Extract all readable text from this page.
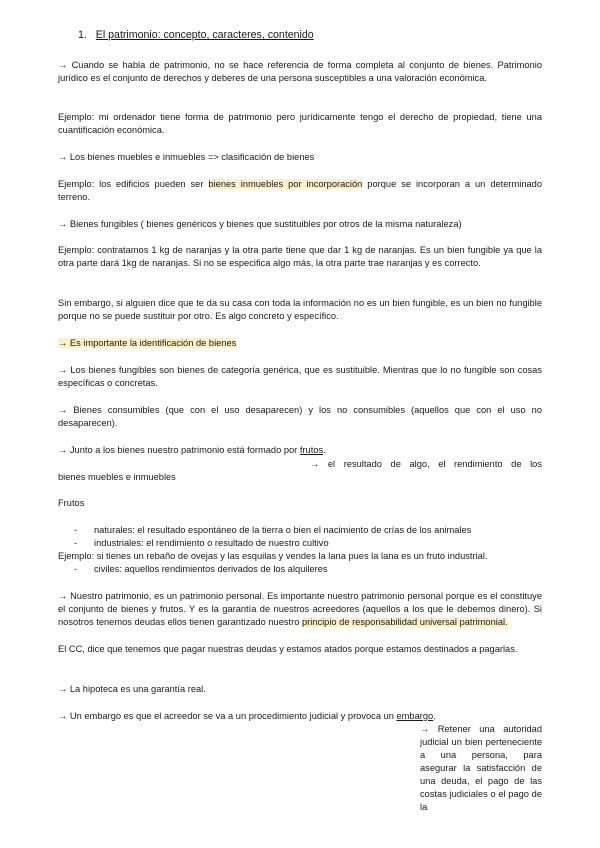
1. El patrimonio: concepto, caracteres, contenido

→ Cuando se habla de patrimonio, no se hace referencia de forma completa al conjunto de bienes. Patrimonio jurídico es el conjunto de derechos y deberes de una persona susceptibles a una valoración económica.

Ejemplo: mi ordenador tiene forma de patrimonio pero jurídicamente tengo el derecho de propiedad, tiene una cuantificación económica.

→ Los bienes muebles e inmuebles => clasificación de bienes

Ejemplo: los edificios pueden ser bienes inmuebles por incorporación porque se incorporan a un determinado terreno.

→ Bienes fungibles ( bienes genéricos y bienes que sustituibles por otros de la misma naturaleza)

Ejemplo: contratamos 1 kg de naranjas y la otra parte tiene que dar 1 kg de naranjas. Es un bien fungible ya que la otra parte dará 1kg de naranjas. Si no se especifica algo más, la otra parte trae naranjas y es correcto.

Sin embargo, si alguien dice que te da su casa con toda la información no es un bien fungible, es un bien no fungible porque no se puede sustituir por otro. Es algo concreto y específico.

→ Es importante la identificación de bienes

→ Los bienes fungibles son bienes de categoría genérica, que es sustituible. Mientras que lo no fungible son cosas específicas o concretas.

→ Bienes consumibles (que con el uso desaparecen) y los no consumibles (aquellos que con el uso no desaparecen).

→ Junto a los bienes nuestro patrimonio está formado por frutos.

→ el resultado de algo, el rendimiento de los

bienes muebles e inmuebles

Frutos

- naturales: el resultado espontáneo de la tierra o bien el nacimiento de crías de los animales
- industriales: el rendimiento o resultado de nuestro cultivo

Ejemplo: si tienes un rebaño de ovejas y las esquilas y vendes la lana pues la lana es un fruto industrial.

- civiles: aquellos rendimientos derivados de los alquileres

→ Nuestro patrimonio, es un patrimonio personal. Es importante nuestro patrimonio personal porque es el constituye el conjunto de bienes y frutos. Y es la garantía de nuestros acreedores (aquellos a los que le debemos dinero). Si nosotros tenemos deudas ellos tienen garantizado nuestro principio de responsabilidad universal patrimonial.

El CC, dice que tenemos que pagar nuestras deudas y estamos atados porque estamos destinados a pagarlas.

→ La hipoteca es una garantía real.

→ Un embargo es que el acreedor se va a un procedimiento judicial y provoca un embargo.

→ Retener una autoridad judicial un bien perteneciente a una persona, para asegurar la satisfacción de una deuda, el pago de las costas judiciales o el pago de la
